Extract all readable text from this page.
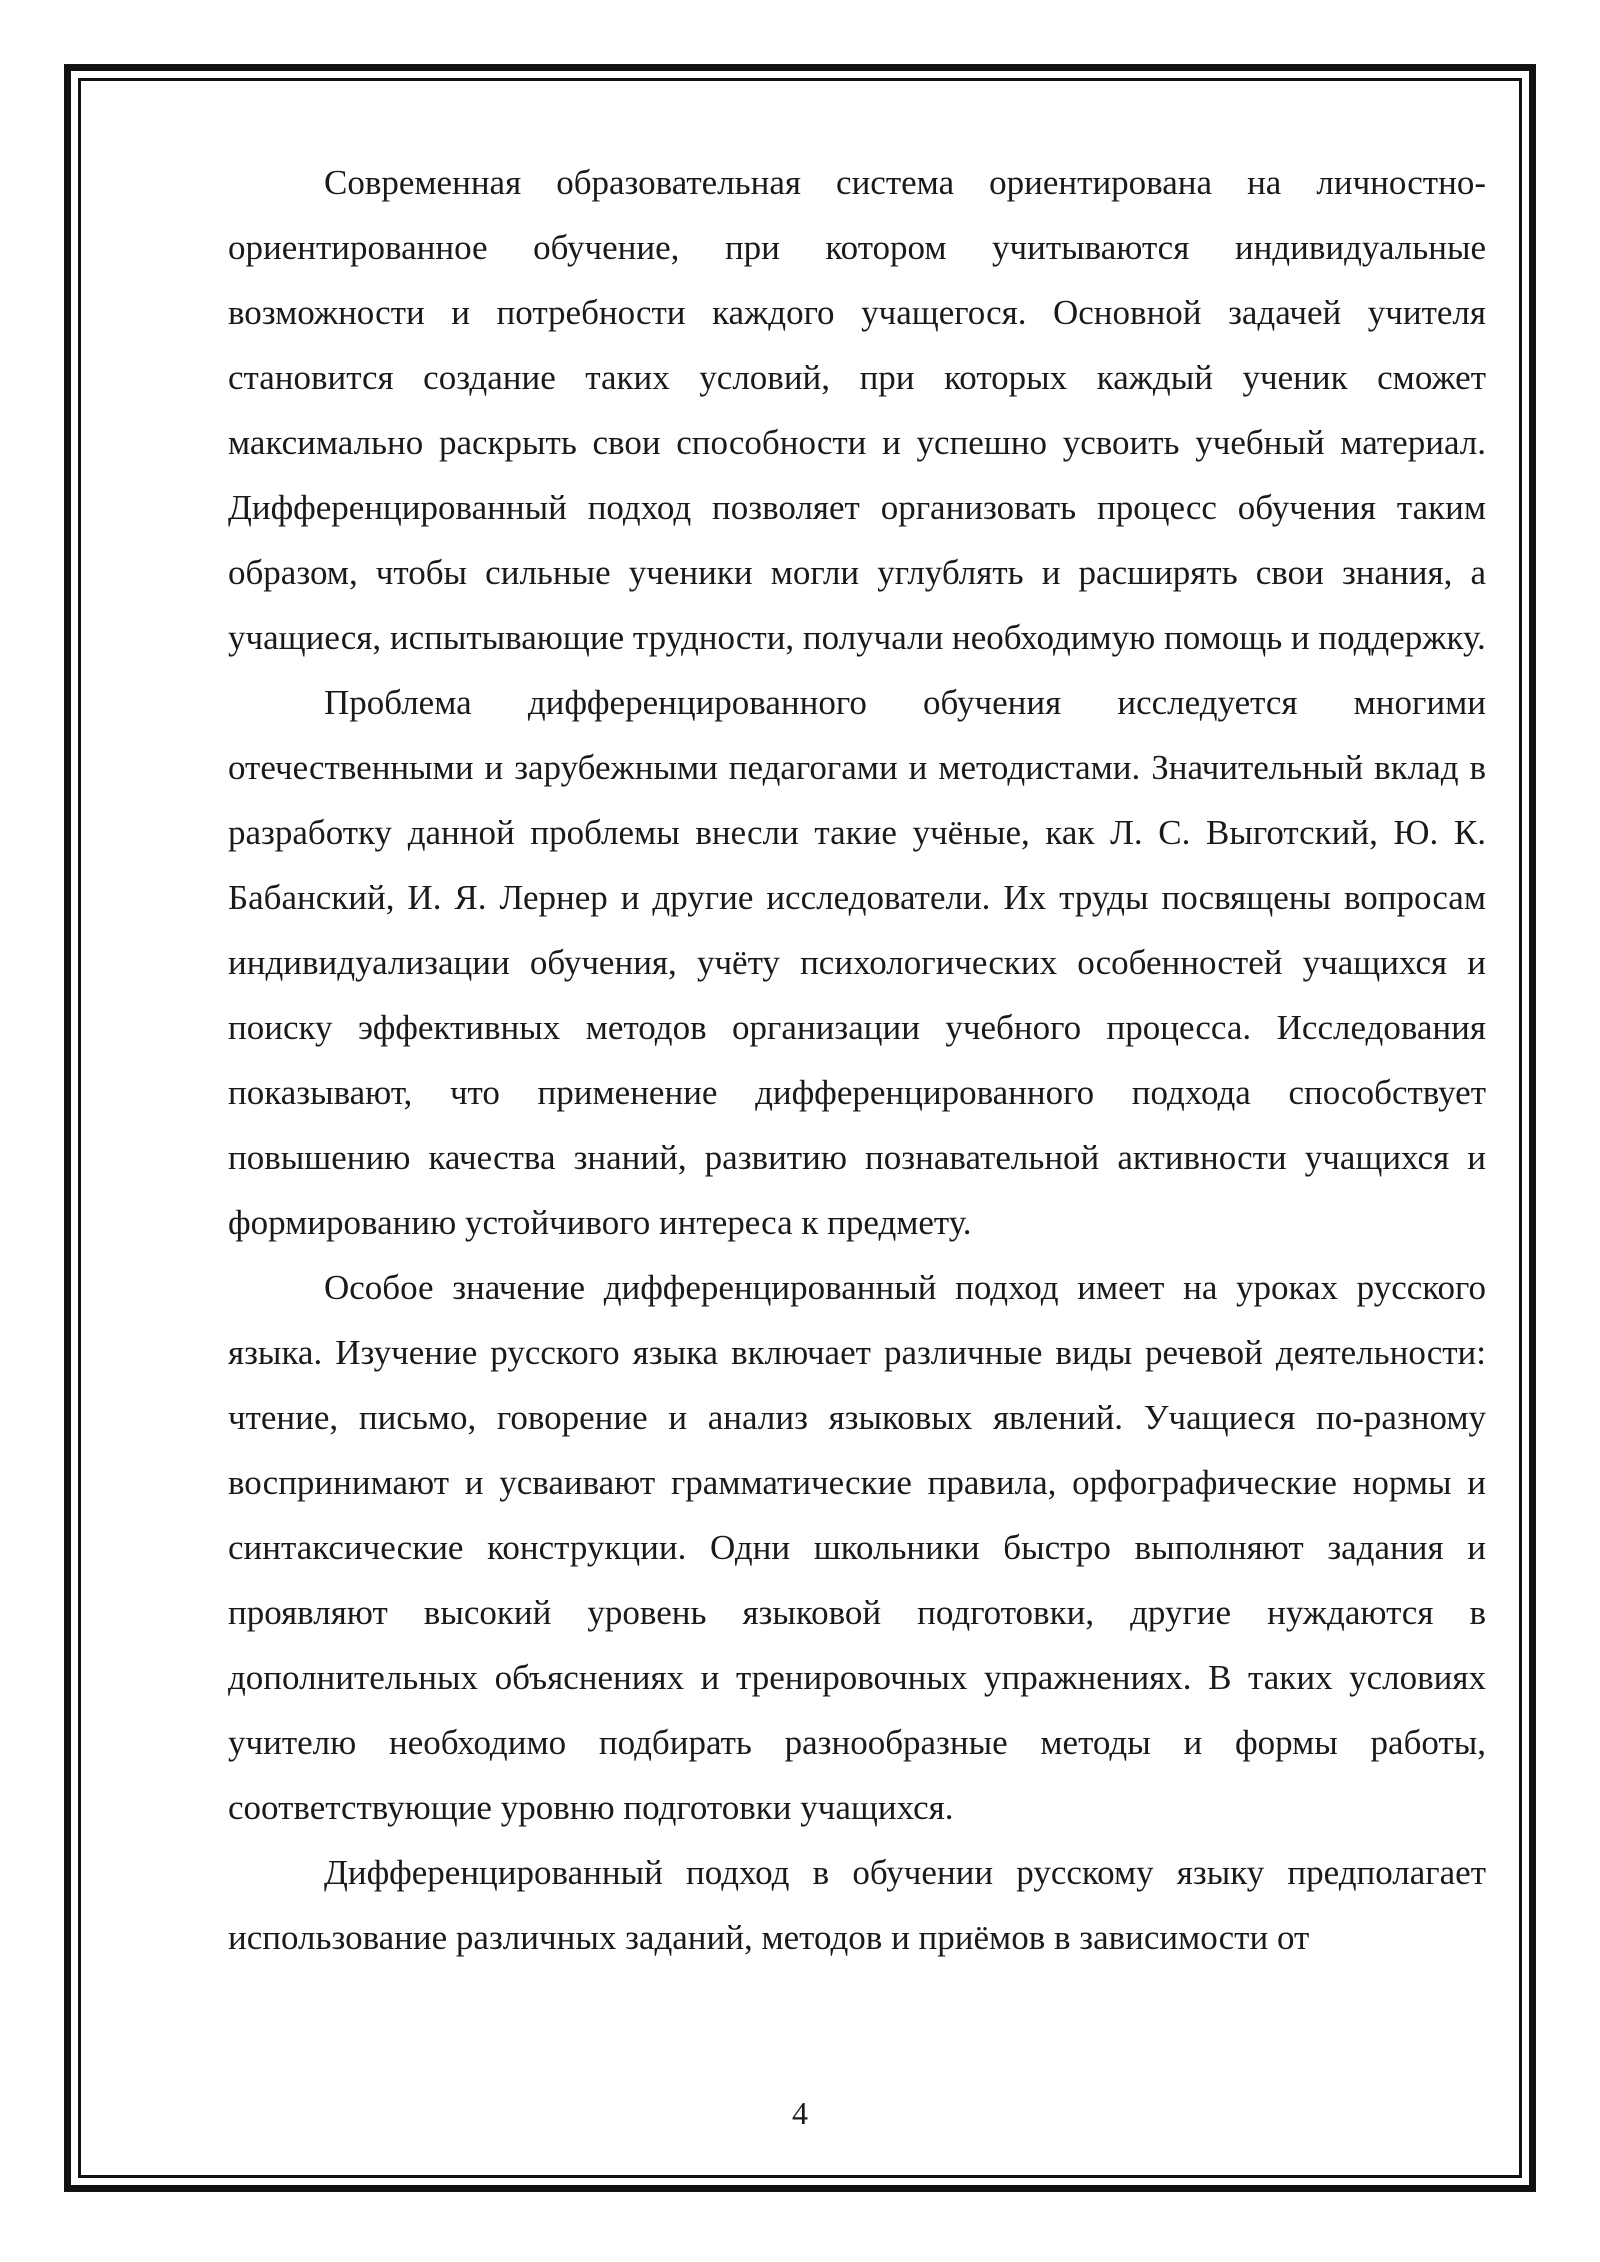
Современная образовательная система ориентирована на личностно-ориентированное обучение, при котором учитываются индивидуальные возможности и потребности каждого учащегося. Основной задачей учителя становится создание таких условий, при которых каждый ученик сможет максимально раскрыть свои способности и успешно усвоить учебный материал. Дифференцированный подход позволяет организовать процесс обучения таким образом, чтобы сильные ученики могли углублять и расширять свои знания, а учащиеся, испытывающие трудности, получали необходимую помощь и поддержку.

Проблема дифференцированного обучения исследуется многими отечественными и зарубежными педагогами и методистами. Значительный вклад в разработку данной проблемы внесли такие учёные, как Л. С. Выготский, Ю. К. Бабанский, И. Я. Лернер и другие исследователи. Их труды посвящены вопросам индивидуализации обучения, учёту психологических особенностей учащихся и поиску эффективных методов организации учебного процесса. Исследования показывают, что применение дифференцированного подхода способствует повышению качества знаний, развитию познавательной активности учащихся и формированию устойчивого интереса к предмету.

Особое значение дифференцированный подход имеет на уроках русского языка. Изучение русского языка включает различные виды речевой деятельности: чтение, письмо, говорение и анализ языковых явлений. Учащиеся по-разному воспринимают и усваивают грамматические правила, орфографические нормы и синтаксические конструкции. Одни школьники быстро выполняют задания и проявляют высокий уровень языковой подготовки, другие нуждаются в дополнительных объяснениях и тренировочных упражнениях. В таких условиях учителю необходимо подбирать разнообразные методы и формы работы, соответствующие уровню подготовки учащихся.

Дифференцированный подход в обучении русскому языку предполагает использование различных заданий, методов и приёмов в зависимости от

4
